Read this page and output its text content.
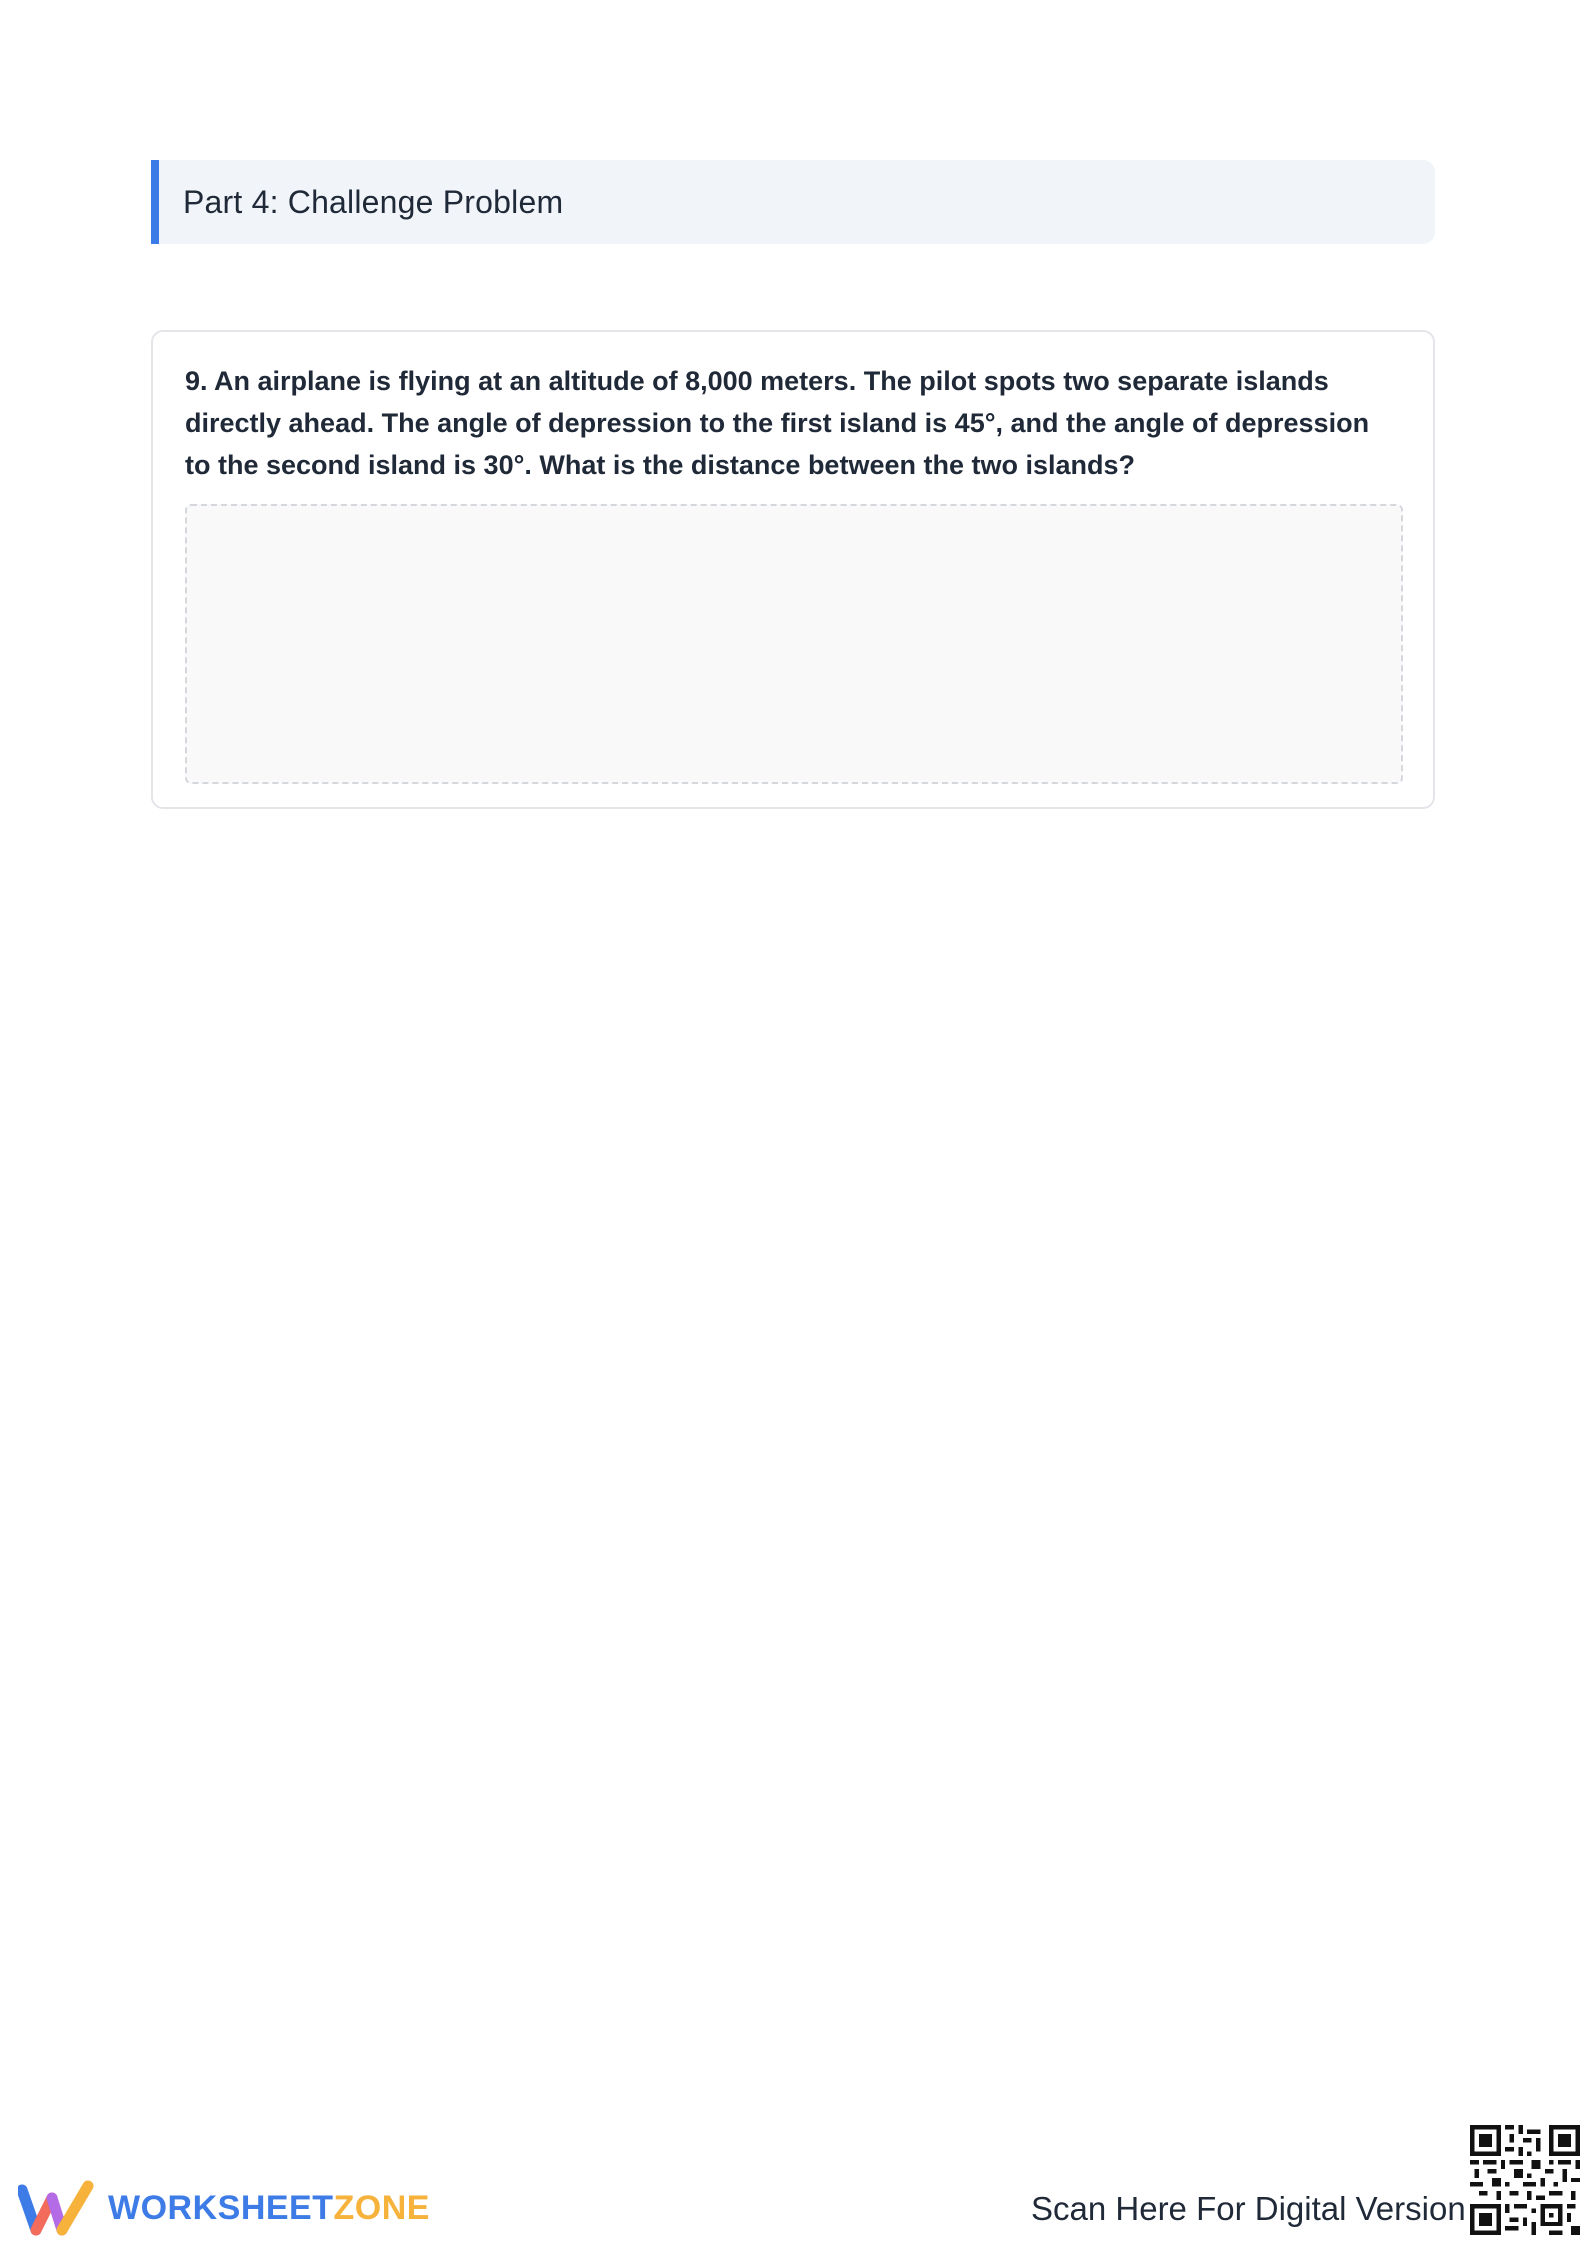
Part 4: Challenge Problem

9. An airplane is flying at an altitude of 8,000 meters. The pilot spots two separate islands directly ahead. The angle of depression to the first island is 45°, and the angle of depression to the second island is 30°. What is the distance between the two islands?

WORKSHEETZONE	Scan Here For Digital Version
